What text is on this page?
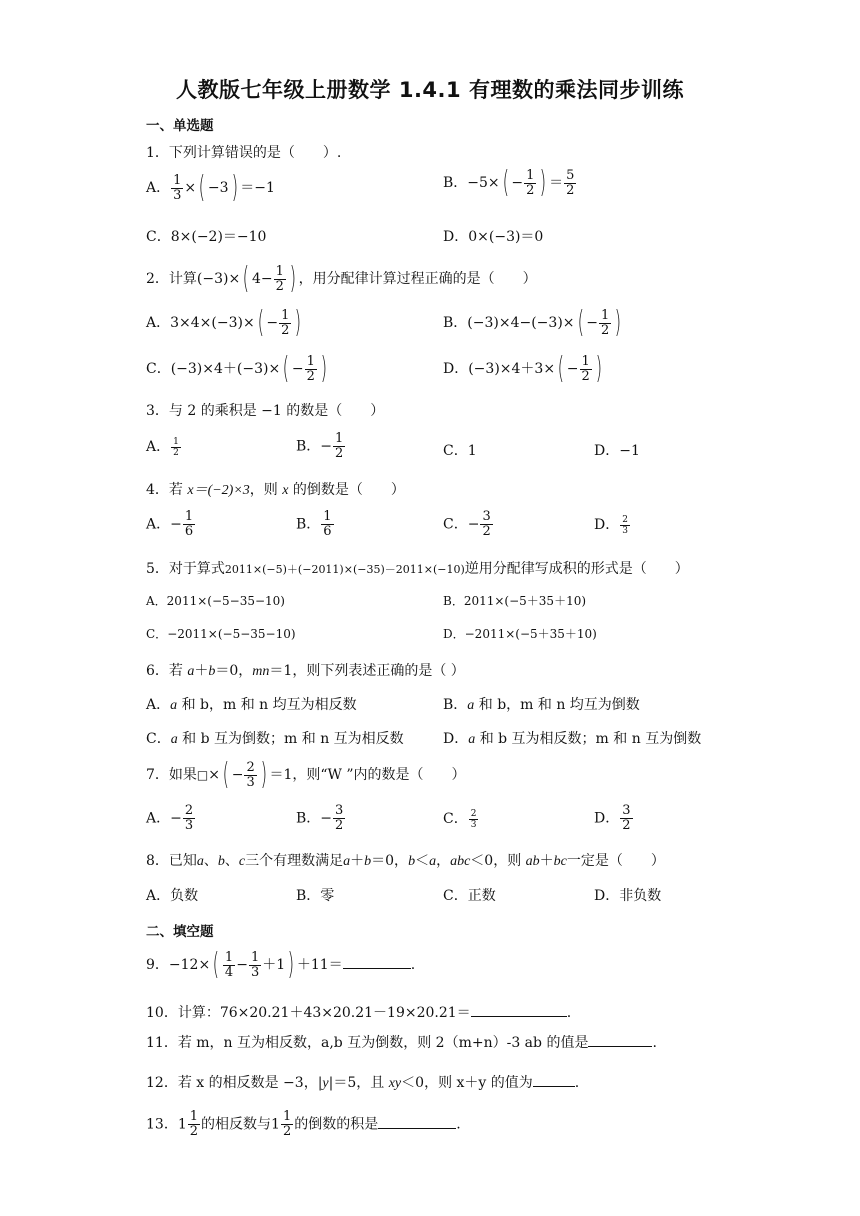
人教版七年级上册数学 1.4.1 有理数的乘法同步训练
一、单选题
1．下列计算错误的是（　　）.
A． $\frac{1}{3}$ ×( −3) ＝−1	B．$-5\times( - \frac{1}{2}$ ) ＝ $\frac{5}{2}$
C．8×(−2)＝−10	D．0×(−3)＝0
2．计算(−3)×( $4- \frac{1}{2}$ ) ，用分配律计算过程正确的是（　　）
A．$3\times 4\times(-3)\times( - \frac{1}{2}$ )	B．$(-3)\times 4-(-3)\times( - \frac{1}{2}$ )
C．$(-3)\times 4+(-3)\times( - \frac{1}{2}$ )	D．$(-3)\times 4+3\times( - \frac{1}{2}$ )
3．与 2 的乘积是 −1 的数是（　　）
A． $\frac{1}{2}$	B．− $\frac{1}{2}$	C．1	D．−1
4．若 x＝(−2)×3，则 x 的倒数是（　　）
A．− $\frac{1}{6}$	B． $\frac{1}{6}$	C．− $\frac{3}{2}$	D． $\frac{2}{3}$
5．对于算式2011×(−5)＋(−2011)×(−35)－2011×(−10)逆用分配律写成积的形式是（　　）
A．2011×(−5−35−10)	B．2011×(−5＋35＋10)
C．−2011×(−5−35−10)	D．−2011×(−5＋35＋10)
6．若 a＋b＝0，mn＝1，则下列表述正确的是（ ）
A．a 和 b，m 和 n 均互为相反数	B．a 和 b，m 和 n 均互为倒数
C．a 和 b 互为倒数；m 和 n 互为相反数	D．a 和 b 互为相反数；m 和 n 互为倒数
7．如果□×( − $\frac{2}{3}$ ) ＝1，则“W ”内的数是（　　）
A．− $\frac{2}{3}$	B．− $\frac{3}{2}$	C． $\frac{2}{3}$	D． $\frac{3}{2}$
8．已知a、b、c三个有理数满足a＋b＝0，b＜a，abc＜0，则 ab＋bc一定是（　　）
A．负数	B．零	C．正数	D．非负数
二、填空题
9．$-12\times( \frac{1}{4} - \frac{1}{3} +1) +11=$	.
10．计算：76×20.21＋43×20.21－19×20.21＝	.
11．若 m，n 互为相反数，a,b 互为倒数，则 2（m+n）-3 ab 的值是	.
12．若 x 的相反数是 −3，|y|＝5，且 xy＜0，则 x＋y 的值为	.
13．$1 \frac{1}{2}$ 的相反数与$1 \frac{1}{2}$ 的倒数的积是	.
